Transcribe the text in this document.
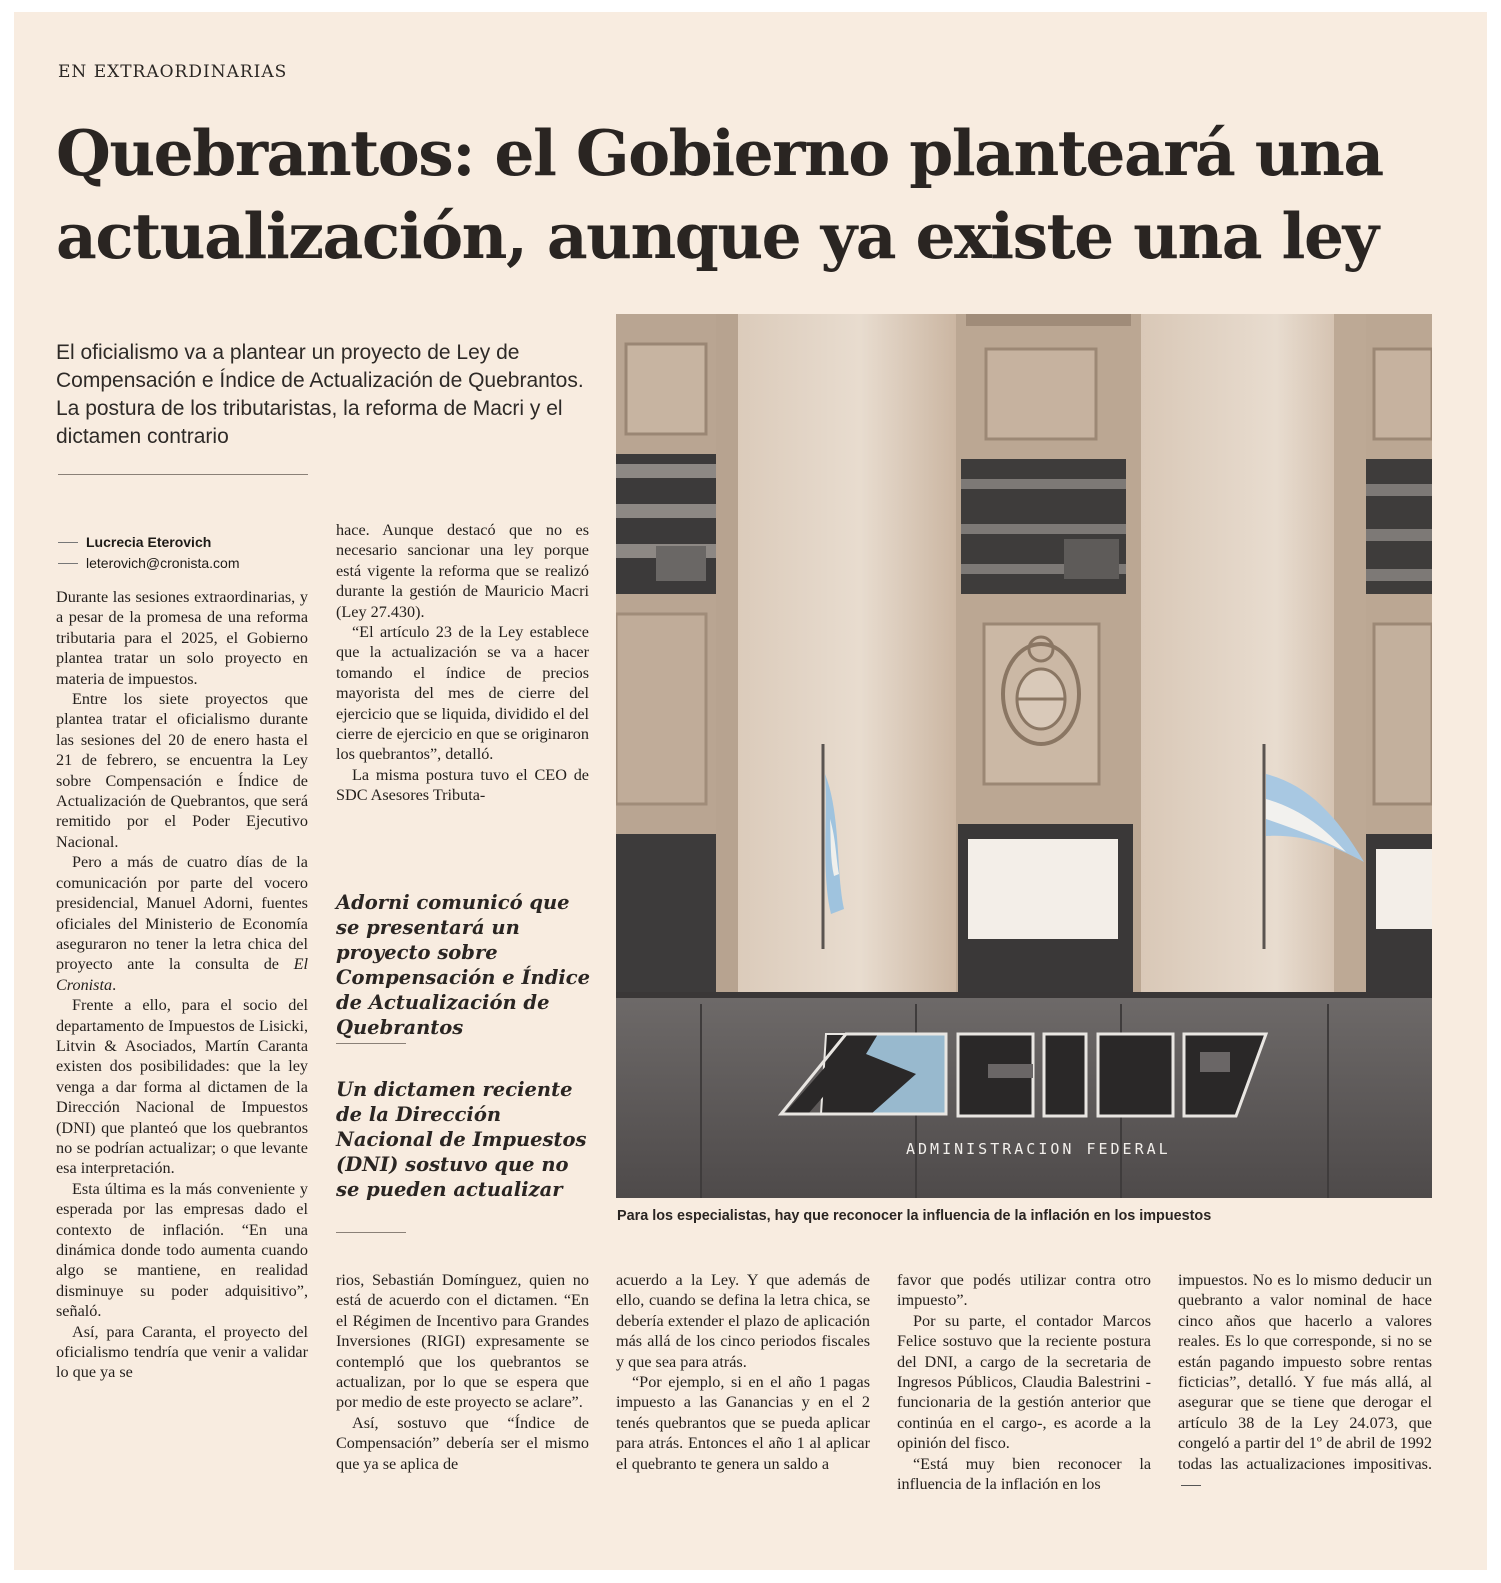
EN EXTRAORDINARIAS
Quebrantos: el Gobierno planteará una
actualización, aunque ya existe una ley
El oficialismo va a plantear un proyecto de Ley de Compensación e Índice de Actualización de Quebrantos. La postura de los tributaristas, la reforma de Macri y el dictamen contrario
Lucrecia Eterovich
leterovich@cronista.com

Durante las sesiones extraordinarias, y a pesar de la promesa de una reforma tributaria para el 2025, el Gobierno plantea tratar un solo proyecto en materia de impuestos.

Entre los siete proyectos que plantea tratar el oficialismo durante las sesiones del 20 de enero hasta el 21 de febrero, se encuentra la Ley sobre Compensación e Índice de Actualización de Quebrantos, que será remitido por el Poder Ejecutivo Nacional.

Pero a más de cuatro días de la comunicación por parte del vocero presidencial, Manuel Adorni, fuentes oficiales del Ministerio de Economía aseguraron no tener la letra chica del proyecto ante la consulta de El Cronista.

Frente a ello, para el socio del departamento de Impuestos de Lisicki, Litvin & Asociados, Martín Caranta existen dos posibilidades: que la ley venga a dar forma al dictamen de la Dirección Nacional de Impuestos (DNI) que planteó que los quebrantos no se podrían actualizar; o que levante esa interpretación.

Esta última es la más conveniente y esperada por las empresas dado el contexto de inflación. “En una dinámica donde todo aumenta cuando algo se mantiene, en realidad disminuye su poder adquisitivo”, señaló.

Así, para Caranta, el proyecto del oficialismo tendría que venir a validar lo que ya se

hace. Aunque destacó que no es necesario sancionar una ley porque está vigente la reforma que se realizó durante la gestión de Mauricio Macri (Ley 27.430).

“El artículo 23 de la Ley establece que la actualización se va a hacer tomando el índice de precios mayorista del mes de cierre del ejercicio que se liquida, dividido el del cierre de ejercicio en que se originaron los quebrantos”, detalló.

La misma postura tuvo el CEO de SDC Asesores Tributa-

Adorni comunicó que se presentará un proyecto sobre Compensación e Índice de Actualización de Quebrantos
Un dictamen reciente de la Dirección Nacional de Impuestos (DNI) sostuvo que no se pueden actualizar

rios, Sebastián Domínguez, quien no está de acuerdo con el dictamen. “En el Régimen de Incentivo para Grandes Inversiones (RIGI) expresamente se contempló que los quebrantos se actualizan, por lo que se espera que por medio de este proyecto se aclare”.

Así, sostuvo que “Índice de Compensación” debería ser el mismo que ya se aplica de

acuerdo a la Ley. Y que además de ello, cuando se defina la letra chica, se debería extender el plazo de aplicación más allá de los cinco periodos fiscales y que sea para atrás.

“Por ejemplo, si en el año 1 pagas impuesto a las Ganancias y en el 2 tenés quebrantos que se pueda aplicar para atrás. Entonces el año 1 al aplicar el quebranto te genera un saldo a

favor que podés utilizar contra otro impuesto”.

Por su parte, el contador Marcos Felice sostuvo que la reciente postura del DNI, a cargo de la secretaria de Ingresos Públicos, Claudia Balestrini -funcionaria de la gestión anterior que continúa en el cargo-, es acorde a la opinión del fisco.

“Está muy bien reconocer la influencia de la inflación en los

impuestos. No es lo mismo deducir un quebranto a valor nominal de hace cinco años que hacerlo a valores reales. Es lo que corresponde, si no se están pagando impuesto sobre rentas ficticias”, detalló. Y fue más allá, al asegurar que se tiene que derogar el artículo 38 de la Ley 24.073, que congeló a partir del 1º de abril de 1992 todas las actualizaciones impositivas.

ADMINISTRACION FEDERAL
Para los especialistas, hay que reconocer la influencia de la inflación en los impuestos
